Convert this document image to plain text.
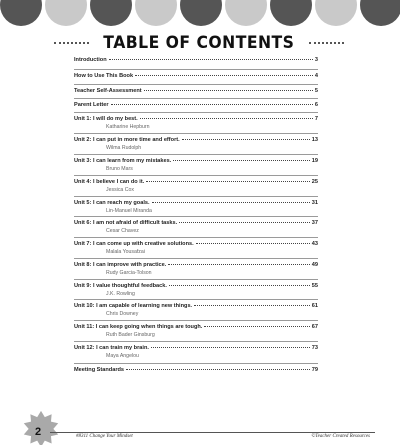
TABLE OF CONTENTS
Introduction	3
How to Use This Book	4
Teacher Self-Assessment	5
Parent Letter	6
Unit 1: I will do my best.	7
Katharine Hepburn
Unit 2: I can put in more time and effort.	13
Wilma Rudolph
Unit 3: I can learn from my mistakes.	19
Bruno Mars
Unit 4: I believe I can do it.	25
Jessica Cox
Unit 5: I can reach my goals.	31
Lin-Manuel Miranda
Unit 6: I am not afraid of difficult tasks.	37
Cesar Chavez
Unit 7: I can come up with creative solutions.	43
Malala Yousafzai
Unit 8: I can improve with practice.	49
Rudy Garcia-Tolson
Unit 9: I value thoughtful feedback.	55
J.K. Rowling
Unit 10: I am capable of learning new things.	61
Chris Downey
Unit 11: I can keep going when things are tough.	67
Ruth Bader Ginsburg
Unit 12: I can train my brain.	73
Maya Angelou
Meeting Standards	79
2	#8311 Change Your Mindset	©Teacher Created Resources
